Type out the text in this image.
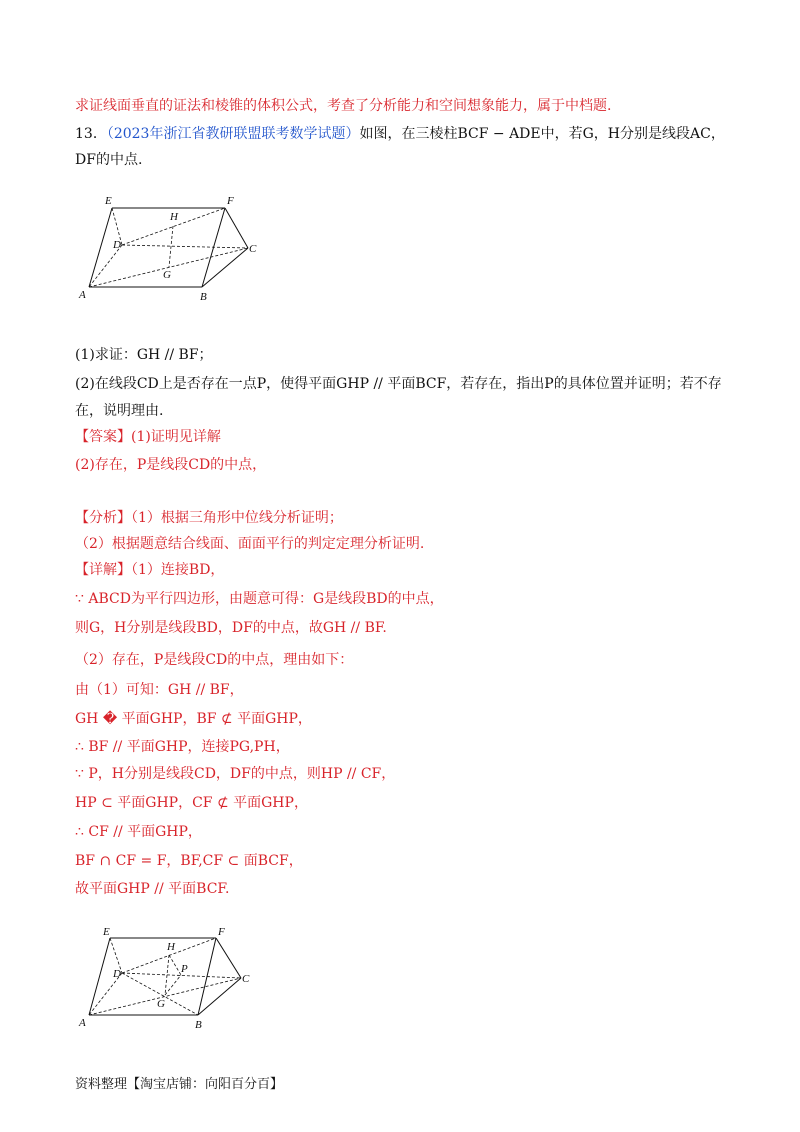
求证线面垂直的证法和棱锥的体积公式，考查了分析能力和空间想象能力，属于中档题.
13．（2023年浙江省教研联盟联考数学试题）如图，在三棱柱BCF − ADE中，若G，H分别是线段AC，
DF的中点.
E	F
H
D	C
G
A	B
(1)求证：GH // BF；
(2)在线段CD上是否存在一点P，使得平面GHP // 平面BCF，若存在，指出P的具体位置并证明；若不存
在，说明理由.
【答案】(1)证明见详解
(2)存在，P是线段CD的中点，
【分析】（1）根据三角形中位线分析证明；
（2）根据题意结合线面、面面平行的判定定理分析证明.
【详解】（1）连接BD，
∵ ABCD为平行四边形，由题意可得：G是线段BD的中点，
则G，H分别是线段BD，DF的中点，故GH // BF.
（2）存在，P是线段CD的中点，理由如下：
由（1）可知：GH // BF，
GH � 平面GHP，BF ⊄ 平面GHP，
∴ BF // 平面GHP，连接PG,PH，
∵ P，H分别是线段CD，DF的中点，则HP // CF，
HP ⊂ 平面GHP，CF ⊄ 平面GHP，
∴ CF // 平面GHP，
BF ∩ CF = F，BF,CF ⊂ 面BCF，
故平面GHP // 平面BCF.
E	F
H
D	P
C
G
A	B
资料整理【淘宝店铺：向阳百分百】
